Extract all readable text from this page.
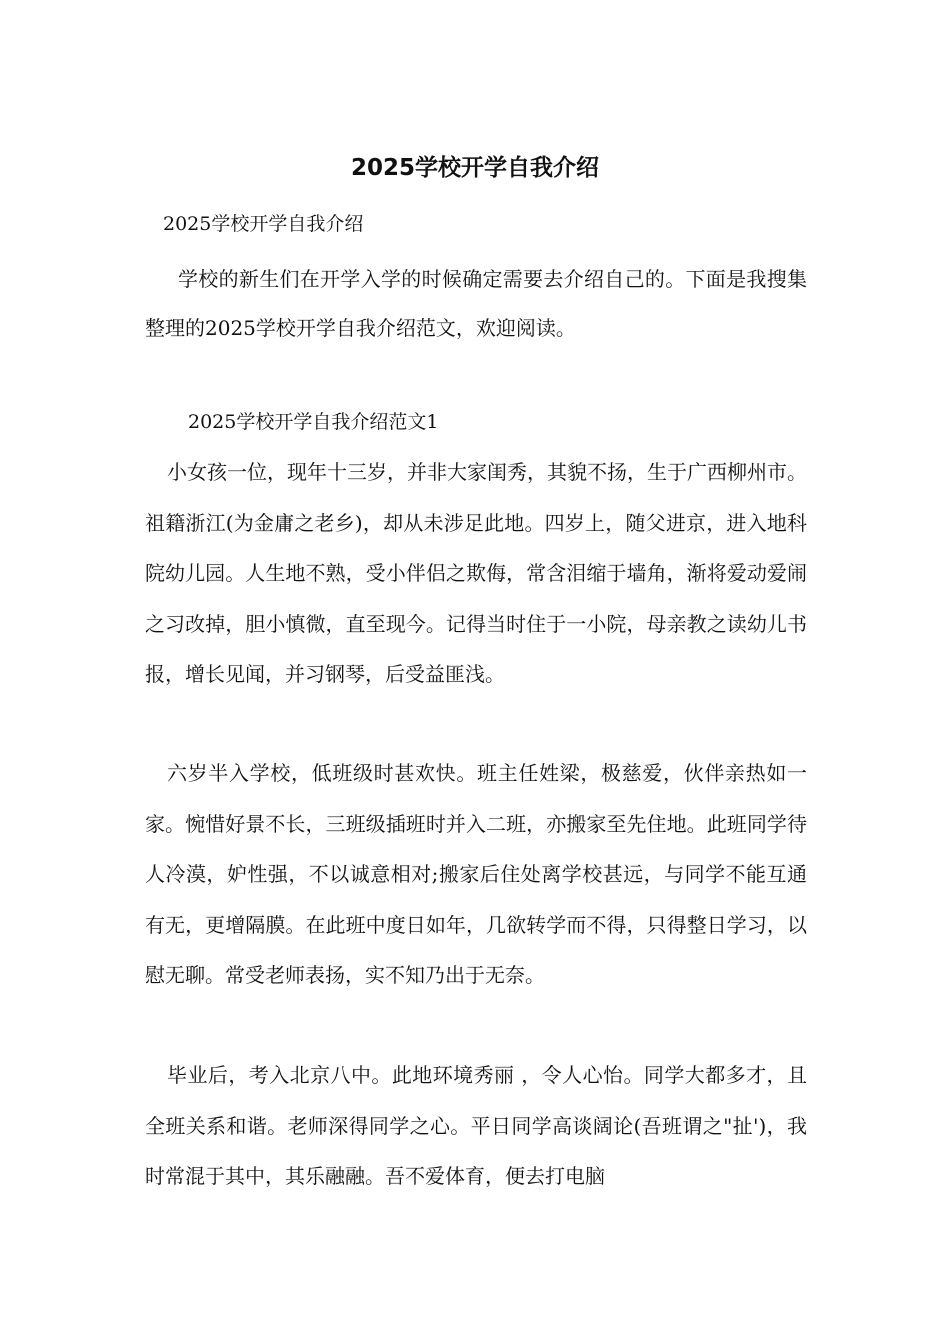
2025学校开学自我介绍

2025学校开学自我介绍

学校的新生们在开学入学的时候确定需要去介绍自己的。下面是我搜集整理的2025学校开学自我介绍范文，欢迎阅读。

2025学校开学自我介绍范文1

小女孩一位，现年十三岁，并非大家闺秀，其貌不扬，生于广西柳州市。祖籍浙江(为金庸之老乡)，却从未涉足此地。四岁上，随父进京，进入地科院幼儿园。人生地不熟，受小伴侣之欺侮，常含泪缩于墙角，渐将爱动爱闹之习改掉，胆小慎微，直至现今。记得当时住于一小院，母亲教之读幼儿书报，增长见闻，并习钢琴，后受益匪浅。

六岁半入学校，低班级时甚欢快。班主任姓梁，极慈爱，伙伴亲热如一家。惋惜好景不长，三班级插班时并入二班，亦搬家至先住地。此班同学待人冷漠，妒性强，不以诚意相对;搬家后住处离学校甚远，与同学不能互通有无，更增隔膜。在此班中度日如年，几欲转学而不得，只得整日学习，以慰无聊。常受老师表扬，实不知乃出于无奈。

毕业后，考入北京八中。此地环境秀丽 ，令人心怡。同学大都多才，且全班关系和谐。老师深得同学之心。平日同学高谈阔论(吾班谓之"扯')，我时常混于其中，其乐融融。吾不爱体育，便去打电脑
